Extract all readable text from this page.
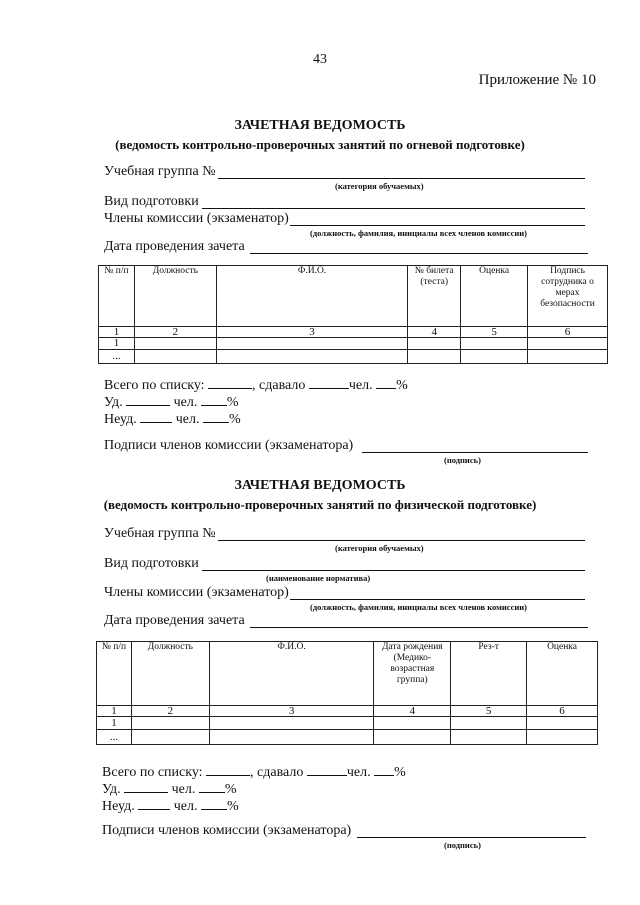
43
Приложение № 10
ЗАЧЕТНАЯ ВЕДОМОСТЬ
(ведомость контрольно-проверочных занятий по огневой подготовке)
Учебная группа №
(категория обучаемых)
Вид подготовки
Члены комиссии (экзаменатор)
(должность, фамилия, инициалы всех членов комиссии)
Дата проведения зачета
№ п/п	Должность	Ф.И.О.	№ билета (теста)	Оценка	Подпись сотрудника о мерах безопасности
1	2	3	4	5	6
1					
...					
Всего по списку:	, сдавало	чел. %
Уд.	чел. %
Неуд.	чел. %
Подписи членов комиссии (экзаменатора)
(подпись)
ЗАЧЕТНАЯ ВЕДОМОСТЬ
(ведомость контрольно-проверочных занятий по физической подготовке)
Учебная группа №
(категория обучаемых)
Вид подготовки
(наименование норматива)
Члены комиссии (экзаменатор)
(должность, фамилия, инициалы всех членов комиссии)
Дата проведения зачета
№ п/п	Должность	Ф.И.О.	Дата рождения (Медико-возрастная группа)	Рез-т	Оценка
1	2	3	4	5	6
1					
...					
Всего по списку:	, сдавало	чел. %
Уд.	чел. %
Неуд.	чел. %
Подписи членов комиссии (экзаменатора)
(подпись)
